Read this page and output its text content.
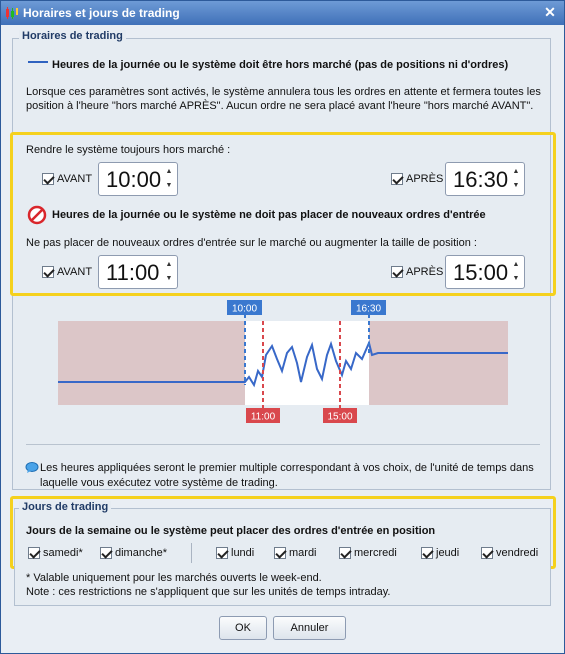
Horaires et jours de trading	✕
Horaires de trading
Heures de la journée ou le système doit être hors marché (pas de positions ni d'ordres)
Lorsque ces paramètres sont activés, le système annulera tous les ordres en attente et fermera toutes les position à l'heure "hors marché APRÈS". Aucun ordre ne sera placé avant l'heure "hors marché AVANT".
Rendre le système toujours hors marché :
AVANT 10:00 ▲
▼
APRÈS 16:30 ▲
▼
Heures de la journée ou le système ne doit pas placer de nouveaux ordres d'entrée
Ne pas placer de nouveaux ordres d'entrée sur le marché ou augmenter la taille de position :
AVANT 11:00 ▲
▼
APRÈS 15:00 ▲
▼
10:00	16:30
11:00	15:00
Les heures appliquées seront le premier multiple correspondant à vos choix, de l'unité de temps dans laquelle vous exécutez votre système de trading.
Jours de trading
Jours de la semaine ou le système peut placer des ordres d'entrée en position
samedi*	dimanche*	lundi	mardi	mercredi	jeudi	vendredi
* Valable uniquement pour les marchés ouverts le week-end.
Note : ces restrictions ne s'appliquent que sur les unités de temps intraday.
OK	Annuler
